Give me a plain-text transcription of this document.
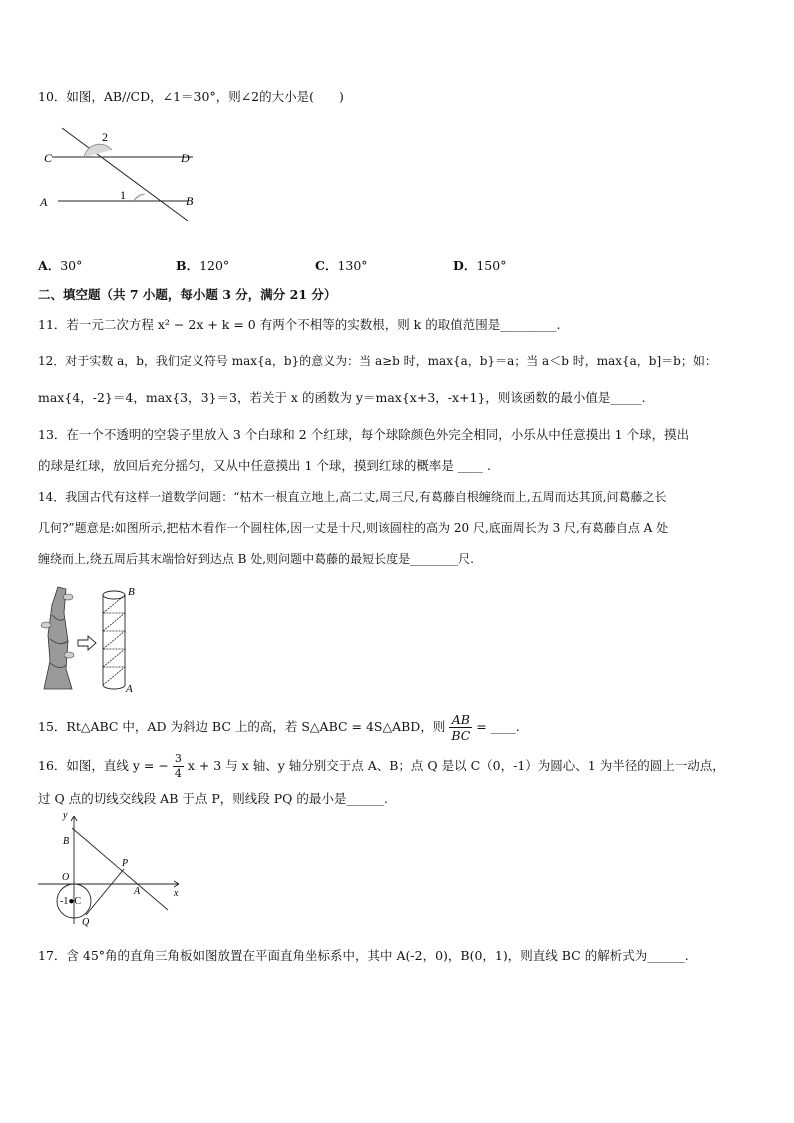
10．如图，AB//CD，∠1＝30°，则∠2的大小是(　　)
2
C	D
1
A	B
A．30°	B．120°	C．130°	D．150°
二、填空题（共 7 小题，每小题 3 分，满分 21 分）
11．若一元二次方程 x² − 2x + k = 0 有两个不相等的实数根，则 k 的取值范围是_________.
12．对于实数 a，b，我们定义符号 max{a，b}的意义为：当 a≥b 时，max{a，b}＝a；当 a＜b 时，max{a，b]＝b；如：
max{4，-2}＝4，max{3，3}＝3，若关于 x 的函数为 y＝max{x+3，-x+1}，则该函数的最小值是_____.
13．在一个不透明的空袋子里放入 3 个白球和 2 个红球，每个球除颜色外完全相同，小乐从中任意摸出 1 个球，摸出
的球是红球，放回后充分摇匀，又从中任意摸出 1 个球，摸到红球的概率是 ____ .
14．我国古代有这样一道数学问题：“枯木一根直立地上,高二丈,周三尺,有葛藤自根缠绕而上,五周而达其顶,问葛藤之长
几何?”题意是:如图所示,把枯木看作一个圆柱体,因一丈是十尺,则该圆柱的高为 20 尺,底面周长为 3 尺,有葛藤自点 A 处
缠绕而上,绕五周后其末端恰好到达点 B 处,则问题中葛藤的最短长度是________尺.
B
A
15．Rt△ABC 中，AD 为斜边 BC 上的高，若 S△ABC = 4S△ABD，则 $\frac{AB}{BC}$ = ____.
16．如图，直线 y = − $\frac{3}{4}$ x + 3 与 x 轴、y 轴分别交于点 A、B；点 Q 是以 C（0，-1）为圆心、1 为半径的圆上一动点，
过 Q 点的切线交线段 AB 于点 P，则线段 PQ 的最小是______.
y
x
B
P
O
A
-1●C
Q
17．含 45°角的直角三角板如图放置在平面直角坐标系中，其中 A(-2，0)，B(0，1)，则直线 BC 的解析式为______.
